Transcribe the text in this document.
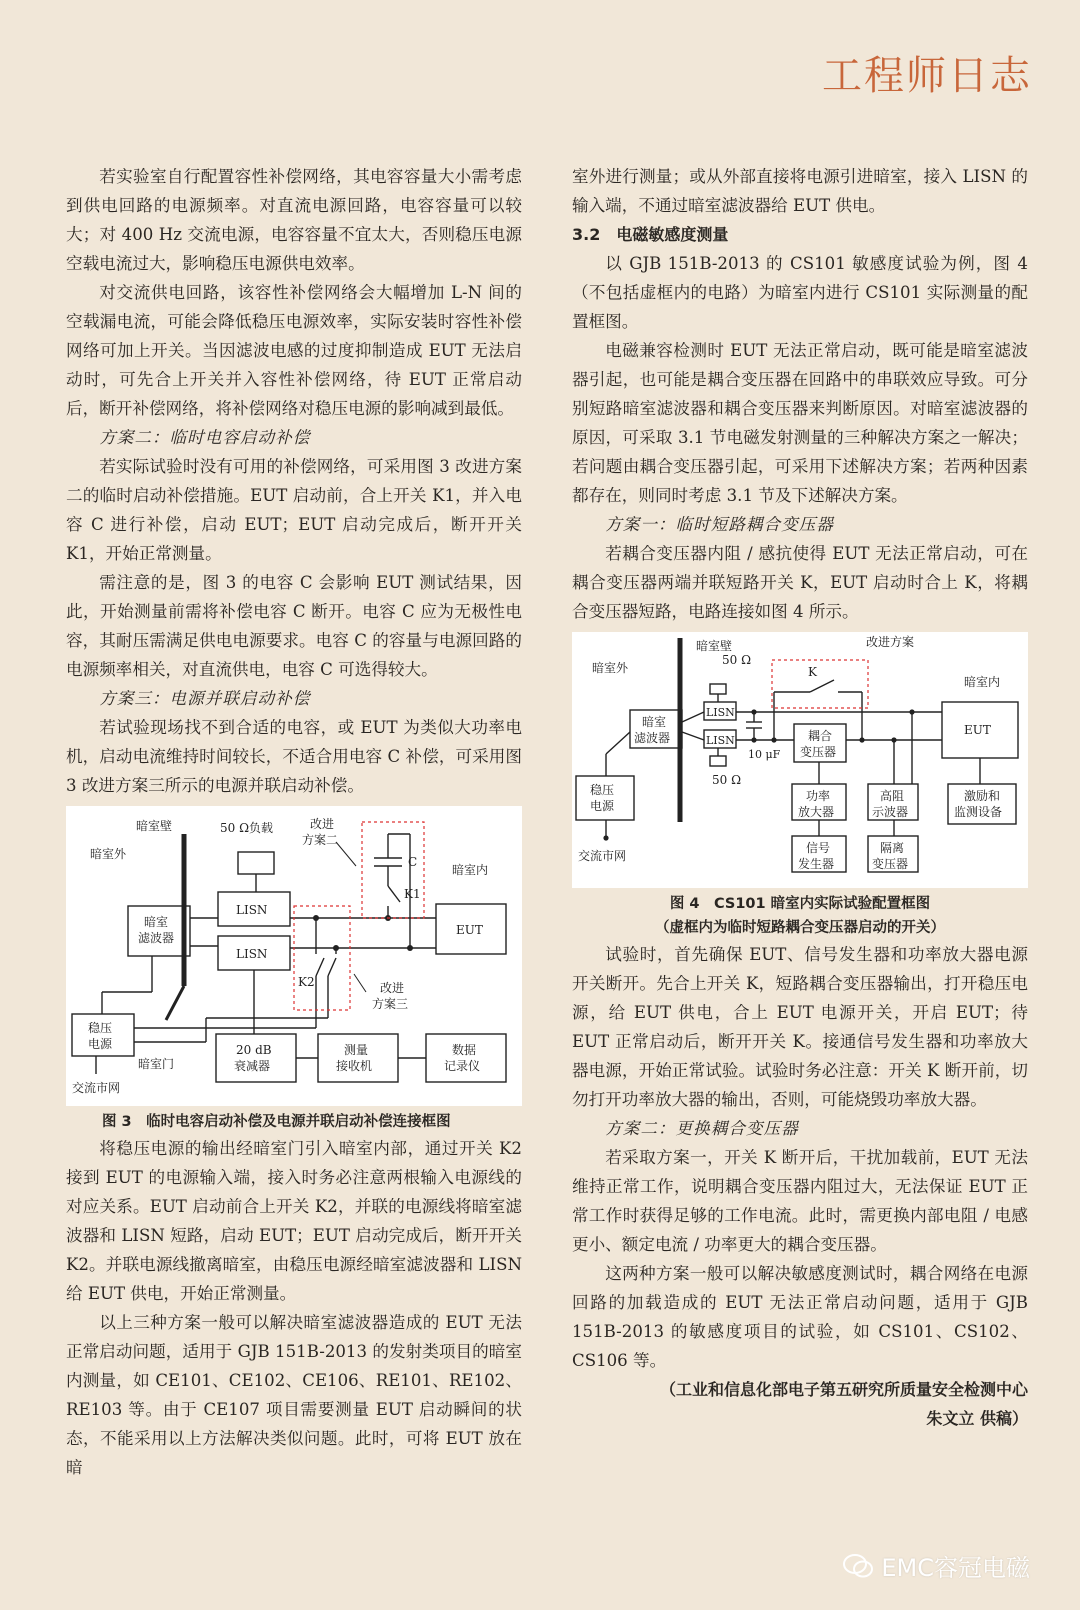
工程师日志

若实验室自行配置容性补偿网络，其电容容量大小需考虑到供电回路的电源频率。对直流电源回路，电容容量可以较大；对 400 Hz 交流电源，电容容量不宜太大，否则稳压电源空载电流过大，影响稳压电源供电效率。

对交流供电回路，该容性补偿网络会大幅增加 L-N 间的空载漏电流，可能会降低稳压电源效率，实际安装时容性补偿网络可加上开关。当因滤波电感的过度抑制造成 EUT 无法启动时，可先合上开关并入容性补偿网络，待 EUT 正常启动后，断开补偿网络，将补偿网络对稳压电源的影响减到最低。

方案二：临时电容启动补偿

若实际试验时没有可用的补偿网络，可采用图 3 改进方案二的临时启动补偿措施。EUT 启动前，合上开关 K1，并入电容 C 进行补偿，启动 EUT；EUT 启动完成后，断开开关 K1，开始正常测量。

需注意的是，图 3 的电容 C 会影响 EUT 测试结果，因此，开始测量前需将补偿电容 C 断开。电容 C 应为无极性电容，其耐压需满足供电电源要求。电容 C 的容量与电源回路的电源频率相关，对直流供电，电容 C 可选得较大。

方案三：电源并联启动补偿

若试验现场找不到合适的电容，或 EUT 为类似大功率电机，启动电流维持时间较长，不适合用电容 C 补偿，可采用图 3 改进方案三所示的电源并联启动补偿。

暗室壁
暗室外
暗室内
50 Ω负载	改进
方案二
改进
方案三
暗室
滤波器
LISN
LISN
EUT
C
K1
K2
稳压
电源
暗室门
交流市网
20 dB
衰减器
测量
接收机
数据
记录仪
图 3　临时电容启动补偿及电源并联启动补偿连接框图

将稳压电源的输出经暗室门引入暗室内部，通过开关 K2 接到 EUT 的电源输入端，接入时务必注意两根输入电源线的对应关系。EUT 启动前合上开关 K2，并联的电源线将暗室滤波器和 LISN 短路，启动 EUT；EUT 启动完成后，断开开关 K2。并联电源线撤离暗室，由稳压电源经暗室滤波器和 LISN 给 EUT 供电，开始正常测量。

以上三种方案一般可以解决暗室滤波器造成的 EUT 无法正常启动问题，适用于 GJB 151B-2013 的发射类项目的暗室内测量，如 CE101、CE102、CE106、RE101、RE102、RE103 等。由于 CE107 项目需要测量 EUT 启动瞬间的状态，不能采用以上方法解决类似问题。此时，可将 EUT 放在暗

室外进行测量；或从外部直接将电源引进暗室，接入 LISN 的输入端，不通过暗室滤波器给 EUT 供电。

3.2　电磁敏感度测量

以 GJB 151B-2013 的 CS101 敏感度试验为例，图 4（不包括虚框内的电路）为暗室内进行 CS101 实际测量的配置框图。

电磁兼容检测时 EUT 无法正常启动，既可能是暗室滤波器引起，也可能是耦合变压器在回路中的串联效应导致。可分别短路暗室滤波器和耦合变压器来判断原因。对暗室滤波器的原因，可采取 3.1 节电磁发射测量的三种解决方案之一解决；若问题由耦合变压器引起，可采用下述解决方案；若两种因素都存在，则同时考虑 3.1 节及下述解决方案。

方案一：临时短路耦合变压器

若耦合变压器内阻 / 感抗使得 EUT 无法正常启动，可在耦合变压器两端并联短路开关 K，EUT 启动时合上 K，将耦合变压器短路，电路连接如图 4 所示。

暗室壁
暗室外
暗室内
50 Ω
50 Ω
改进方案
K
暗室
滤波器
LISN
LISN
10 μF
耦合
变压器
EUT
稳压
电源
交流市网
功率
放大器
信号
发生器
高阻
示波器
隔离
变压器
激励和
监测设备
图 4　CS101 暗室内实际试验配置框图
（虚框内为临时短路耦合变压器启动的开关）

试验时，首先确保 EUT、信号发生器和功率放大器电源开关断开。先合上开关 K，短路耦合变压器输出，打开稳压电源，给 EUT 供电，合上 EUT 电源开关，开启 EUT；待 EUT 正常启动后，断开开关 K。接通信号发生器和功率放大器电源，开始正常试验。试验时务必注意：开关 K 断开前，切勿打开功率放大器的输出，否则，可能烧毁功率放大器。

方案二：更换耦合变压器

若采取方案一，开关 K 断开后，干扰加载前，EUT 无法维持正常工作，说明耦合变压器内阻过大，无法保证 EUT 正常工作时获得足够的工作电流。此时，需更换内部电阻 / 电感更小、额定电流 / 功率更大的耦合变压器。

这两种方案一般可以解决敏感度测试时，耦合网络在电源回路的加载造成的 EUT 无法正常启动问题，适用于 GJB 151B-2013 的敏感度项目的试验，如 CS101、CS102、CS106 等。

（工业和信息化部电子第五研究所质量安全检测中心
朱文立 供稿）
EMC容冠电磁
